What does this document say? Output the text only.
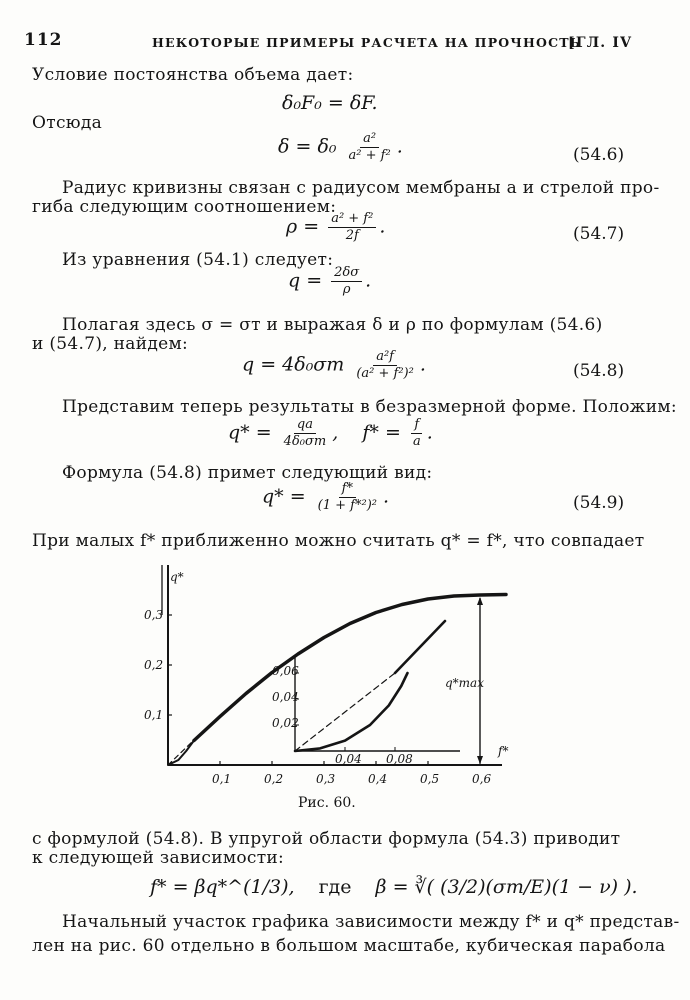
112	НЕКОТОРЫЕ ПРИМЕРЫ РАСЧЕТА НА ПРОЧНОСТЬ
[ГЛ. IV
Условие постоянства объема дает:
δ₀F₀ = δF.
Отсюда
$\delta = \delta_0 \frac{\text{a²}}{\text{a² + f²}}$ .	(54.6)
Радиус кривизны связан с радиусом мембраны a и стрелой про-
гиба следующим соотношением:
$\rho = \frac{\text{a² + f²}}{2f}$ .	(54.7)
Из уравнения (54.1) следует:
$q = \frac{2\delta\sigma}{\rho}$ .
Полагая здесь σ = σт и выражая δ и ρ по формулам (54.6)
и (54.7), найдем:
$q = 4\delta_0\sigma т \frac{\text{a²f}}{\text{(a² + f²)²}}$ .	(54.8)
Представим теперь результаты в безразмерной форме. Положим:
$q* = \frac{qa}{\text{4δ₀σт}}$ ,    $f* = \frac{f}{a}$ .
Формула (54.8) примет следующий вид:
$q* = \frac{f*}{\text{(1 + f*²)²}}$ .	(54.9)
При малых f* приближенно можно считать q* = f*, что совпадает
0,1	0,2	0,3	0,4	0,5	0,6
0,1
0,2
0,3
q*
f*
q*max
0,06
0,04
0,02
0,04 0,08
Рис. 60.
с формулой (54.8). В упругой области формула (54.3) приводит
к следующей зависимости:
f* = βq*^(1/3), где β = ∛( (3/2)(σт/E)(1 − ν) ).
Начальный участок графика зависимости между f* и q* представ-
лен на рис. 60 отдельно в большом масштабе, кубическая парабола
